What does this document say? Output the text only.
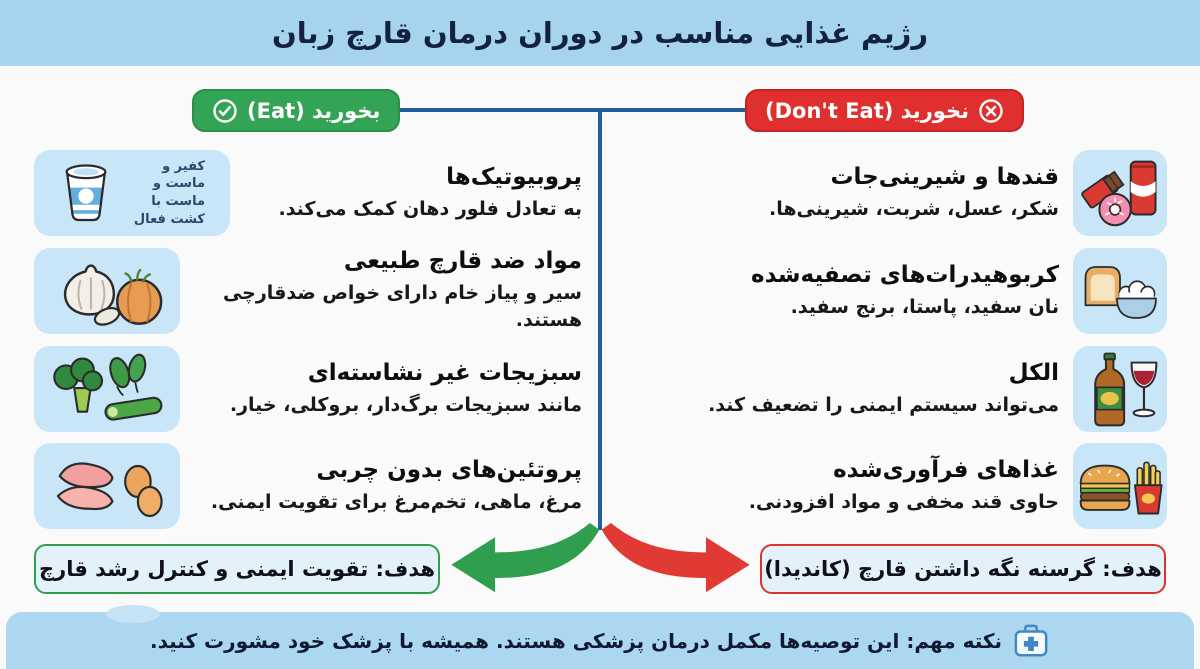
رژیم غذایی مناسب در دوران درمان قارچ زبان
بخورید (Eat)	نخورید (Don't Eat)
پروبیوتیک‌ها
به تعادل فلور دهان کمک می‌کند.
کفیر و ماست و ماست با کشت فعال
مواد ضد قارچ طبیعی
سیر و پیاز خام دارای خواص ضدقارچی هستند.
سبزیجات غیر نشاسته‌ای
مانند سبزیجات برگ‌دار، بروکلی، خیار.
پروتئین‌های بدون چربی
مرغ، ماهی، تخم‌مرغ برای تقویت ایمنی.
قندها و شیرینی‌جات
شکر، عسل، شربت، شیرینی‌ها.
کربوهیدرات‌های تصفیه‌شده
نان سفید، پاستا، برنج سفید.
الکل
می‌تواند سیستم ایمنی را تضعیف کند.
غذاهای فرآوری‌شده
حاوی قند مخفی و مواد افزودنی.
هدف: تقویت ایمنی و کنترل رشد قارچ	هدف: گرسنه نگه داشتن قارچ (کاندیدا)
نکته مهم: این توصیه‌ها مکمل درمان پزشکی هستند. همیشه با پزشک خود مشورت کنید.
